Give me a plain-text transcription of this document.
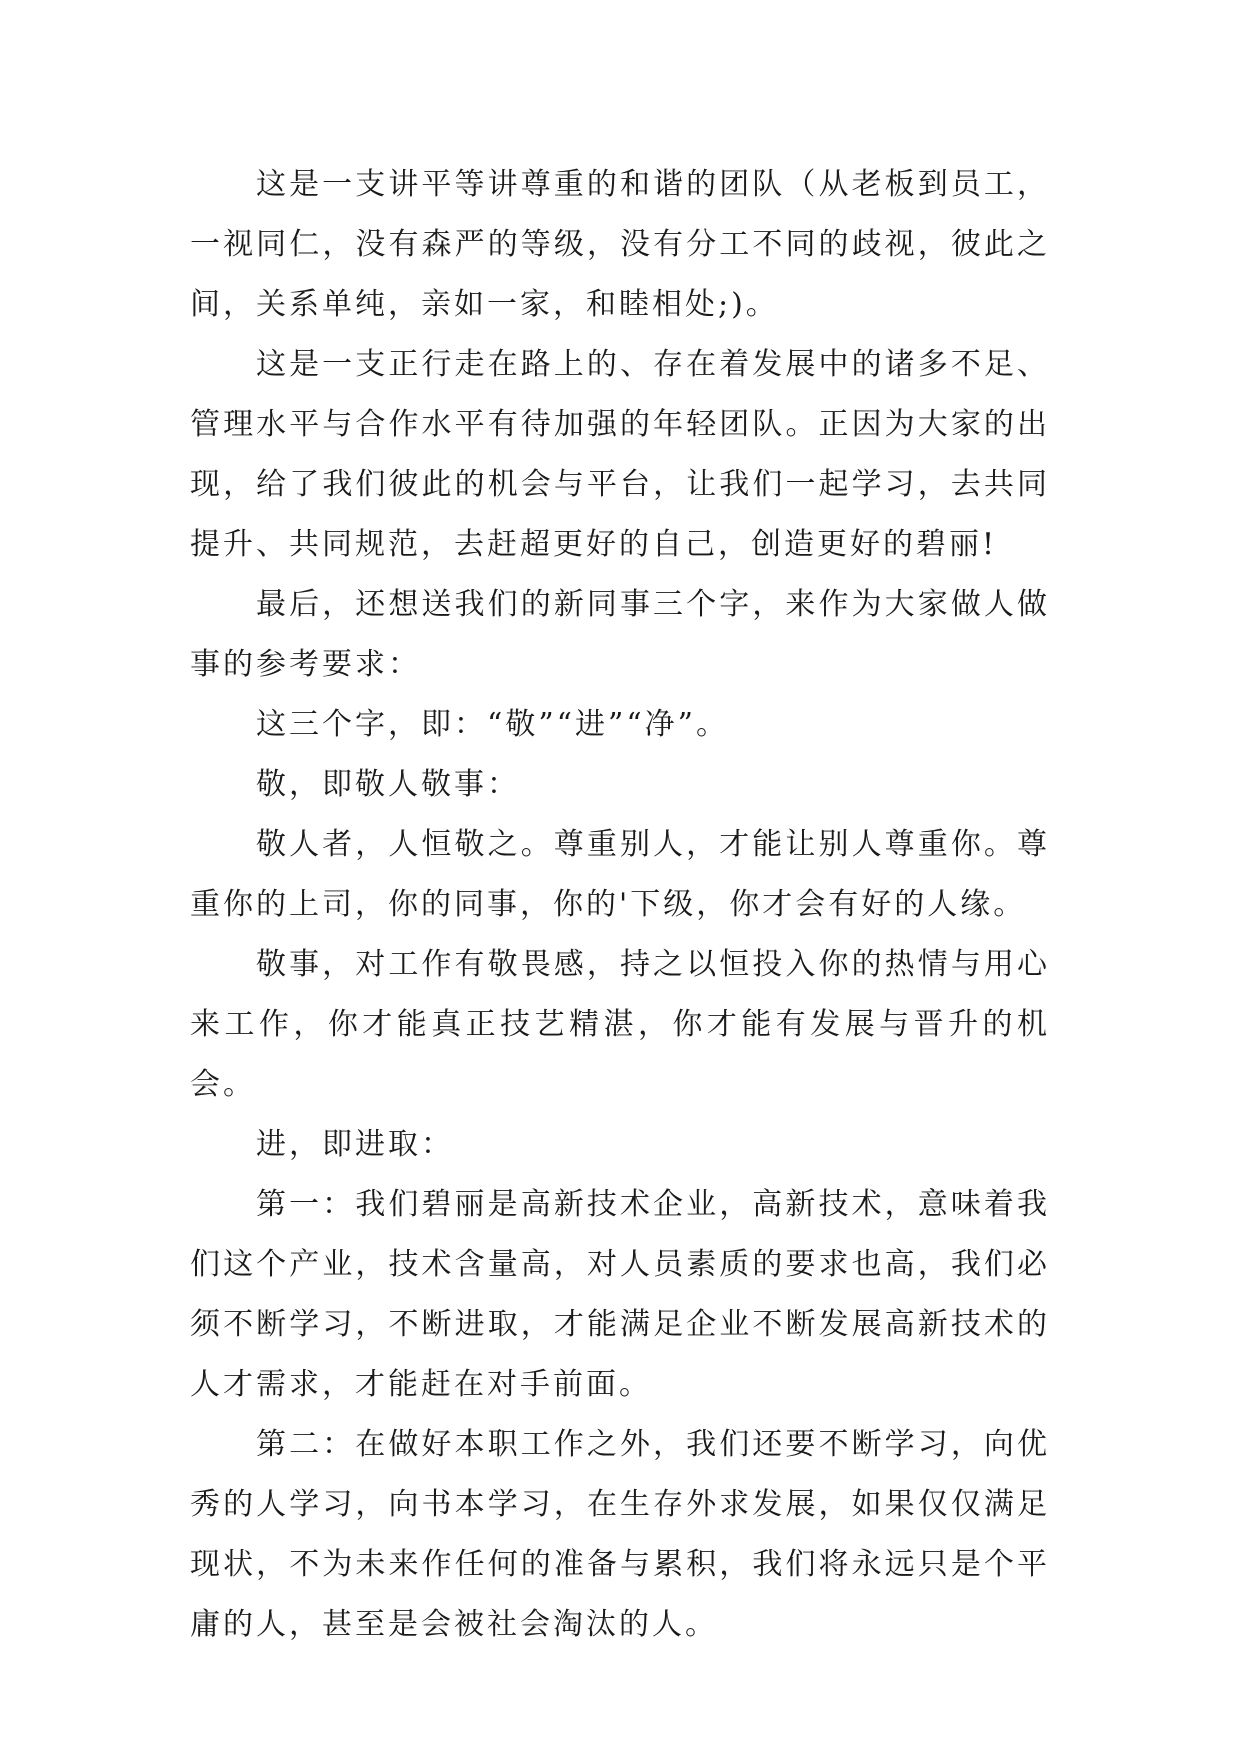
这是一支讲平等讲尊重的和谐的团队（从老板到员工，一视同仁，没有森严的等级，没有分工不同的歧视，彼此之间，关系单纯，亲如一家，和睦相处;)。

这是一支正行走在路上的、存在着发展中的诸多不足、管理水平与合作水平有待加强的年轻团队。正因为大家的出现，给了我们彼此的机会与平台，让我们一起学习，去共同提升、共同规范，去赶超更好的自己，创造更好的碧丽!

最后，还想送我们的新同事三个字，来作为大家做人做事的参考要求：

这三个字，即：“敬”“进”“净”。

敬，即敬人敬事：

敬人者，人恒敬之。尊重别人，才能让别人尊重你。尊重你的上司，你的同事，你的'下级，你才会有好的人缘。

敬事，对工作有敬畏感，持之以恒投入你的热情与用心来工作，你才能真正技艺精湛，你才能有发展与晋升的机会。

进，即进取：

第一：我们碧丽是高新技术企业，高新技术，意味着我们这个产业，技术含量高，对人员素质的要求也高，我们必须不断学习，不断进取，才能满足企业不断发展高新技术的人才需求，才能赶在对手前面。

第二：在做好本职工作之外，我们还要不断学习，向优秀的人学习，向书本学习，在生存外求发展，如果仅仅满足现状，不为未来作任何的准备与累积，我们将永远只是个平庸的人，甚至是会被社会淘汰的人。
